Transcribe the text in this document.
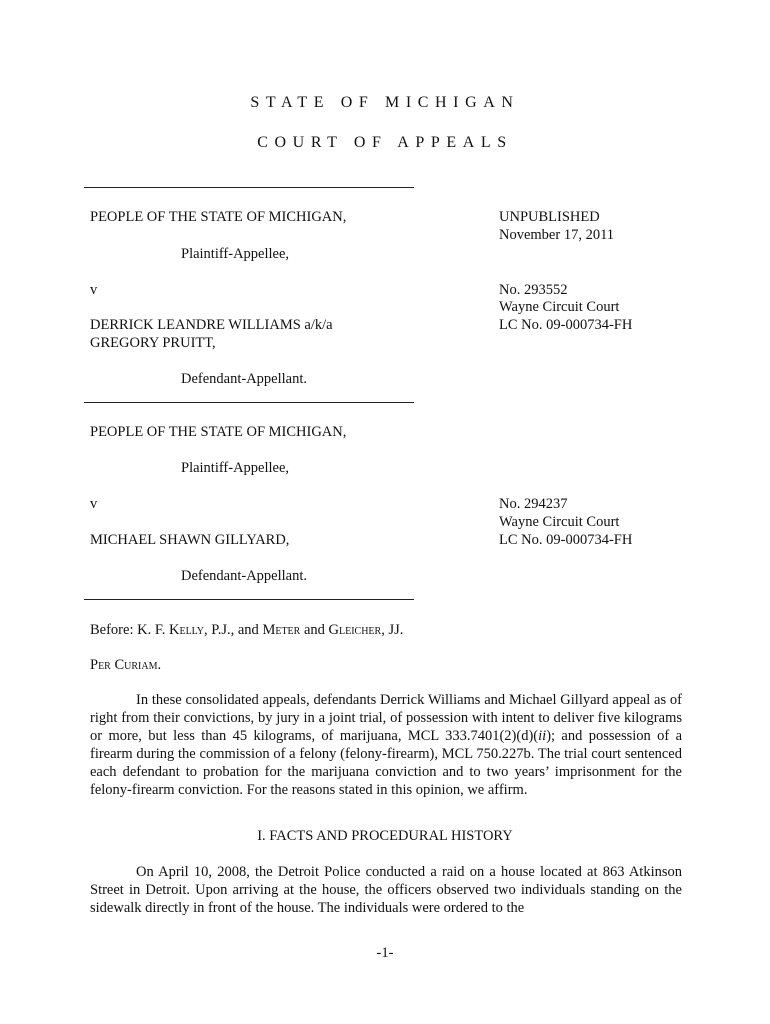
STATE OF MICHIGAN
COURT OF APPEALS
PEOPLE OF THE STATE OF MICHIGAN,
Plaintiff-Appellee,
v
DERRICK LEANDRE WILLIAMS a/k/a
GREGORY PRUITT,
Defendant-Appellant.
UNPUBLISHED
November 17, 2011
No. 293552
Wayne Circuit Court
LC No. 09-000734-FH
PEOPLE OF THE STATE OF MICHIGAN,
Plaintiff-Appellee,
v
MICHAEL SHAWN GILLYARD,
Defendant-Appellant.
No. 294237
Wayne Circuit Court
LC No. 09-000734-FH
Before: K. F. Kelly, P.J., and Meter and Gleicher, JJ.
Per Curiam.
In these consolidated appeals, defendants Derrick Williams and Michael Gillyard appeal as of right from their convictions, by jury in a joint trial, of possession with intent to deliver five kilograms or more, but less than 45 kilograms, of marijuana, MCL 333.7401(2)(d)(ii); and possession of a firearm during the commission of a felony (felony-firearm), MCL 750.227b. The trial court sentenced each defendant to probation for the marijuana conviction and to two years’ imprisonment for the felony-firearm conviction. For the reasons stated in this opinion, we affirm.
I. FACTS AND PROCEDURAL HISTORY
On April 10, 2008, the Detroit Police conducted a raid on a house located at 863 Atkinson Street in Detroit. Upon arriving at the house, the officers observed two individuals standing on the sidewalk directly in front of the house. The individuals were ordered to the
-1-
